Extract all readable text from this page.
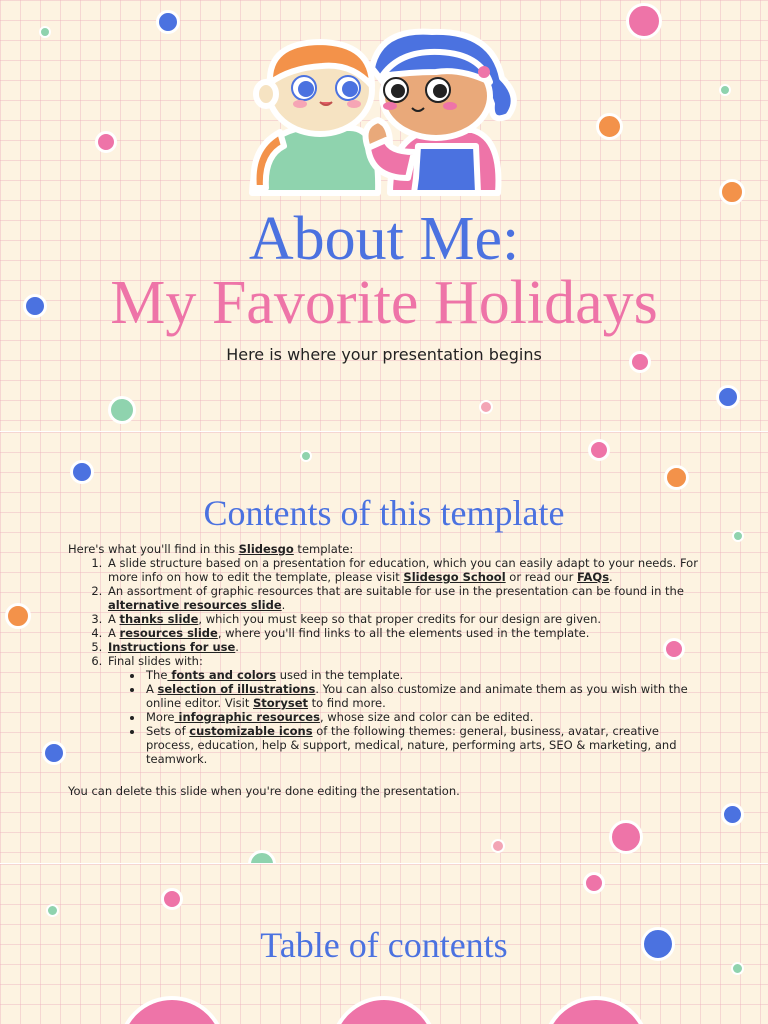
About Me:
My Favorite Holidays
Here is where your presentation begins
Contents of this template

Here's what you'll find in this Slidesgo template:

1. A slide structure based on a presentation for education, which you can easily adapt to your needs. For more info on how to edit the template, please visit Slidesgo School or read our FAQs.
2. An assortment of graphic resources that are suitable for use in the presentation can be found in the alternative resources slide.
3. A thanks slide, which you must keep so that proper credits for our design are given.
4. A resources slide, where you'll find links to all the elements used in the template.
5. Instructions for use.
6. Final slides with:
• The fonts and colors used in the template.
• A selection of illustrations. You can also customize and animate them as you wish with the online editor. Visit Storyset to find more.
• More infographic resources, whose size and color can be edited.
• Sets of customizable icons of the following themes: general, business, avatar, creative process, education, help & support, medical, nature, performing arts, SEO & marketing, and teamwork.
You can delete this slide when you're done editing the presentation.
Table of contents
